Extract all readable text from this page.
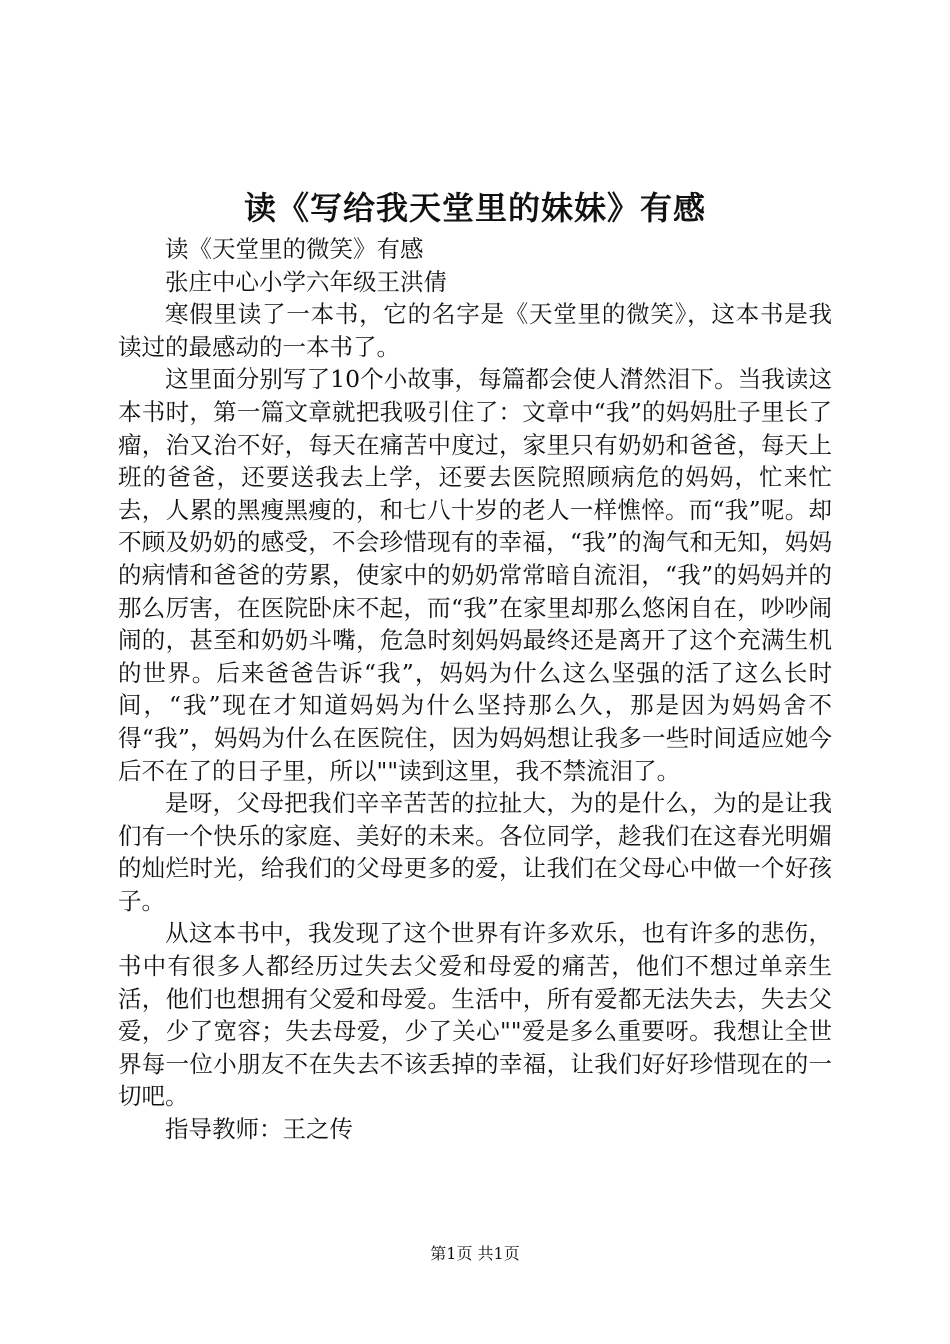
读《写给我天堂里的妹妹》有感

读《天堂里的微笑》有感

张庄中心小学六年级王洪倩

寒假里读了一本书，它的名字是《天堂里的微笑》，这本书是我读过的最感动的一本书了。

这里面分别写了10个小故事，每篇都会使人潸然泪下。当我读这本书时，第一篇文章就把我吸引住了：文章中“我”的妈妈肚子里长了瘤，治又治不好，每天在痛苦中度过，家里只有奶奶和爸爸，每天上班的爸爸，还要送我去上学，还要去医院照顾病危的妈妈，忙来忙去，人累的黑瘦黑瘦的，和七八十岁的老人一样憔悴。而“我”呢。却不顾及奶奶的感受，不会珍惜现有的幸福，“我”的淘气和无知，妈妈的病情和爸爸的劳累，使家中的奶奶常常暗自流泪，“我”的妈妈并的那么厉害，在医院卧床不起，而“我”在家里却那么悠闲自在，吵吵闹闹的，甚至和奶奶斗嘴，危急时刻妈妈最终还是离开了这个充满生机的世界。后来爸爸告诉“我”，妈妈为什么这么坚强的活了这么长时间，“我”现在才知道妈妈为什么坚持那么久，那是因为妈妈舍不得“我”，妈妈为什么在医院住，因为妈妈想让我多一些时间适应她今后不在了的日子里，所以""读到这里，我不禁流泪了。

是呀，父母把我们辛辛苦苦的拉扯大，为的是什么，为的是让我们有一个快乐的家庭、美好的未来。各位同学，趁我们在这春光明媚的灿烂时光，给我们的父母更多的爱，让我们在父母心中做一个好孩子。

从这本书中，我发现了这个世界有许多欢乐，也有许多的悲伤，书中有很多人都经历过失去父爱和母爱的痛苦，他们不想过单亲生活，他们也想拥有父爱和母爱。生活中，所有爱都无法失去，失去父爱，少了宽容；失去母爱，少了关心""爱是多么重要呀。我想让全世界每一位小朋友不在失去不该丢掉的幸福，让我们好好珍惜现在的一切吧。

指导教师：王之传

第1页 共1页
